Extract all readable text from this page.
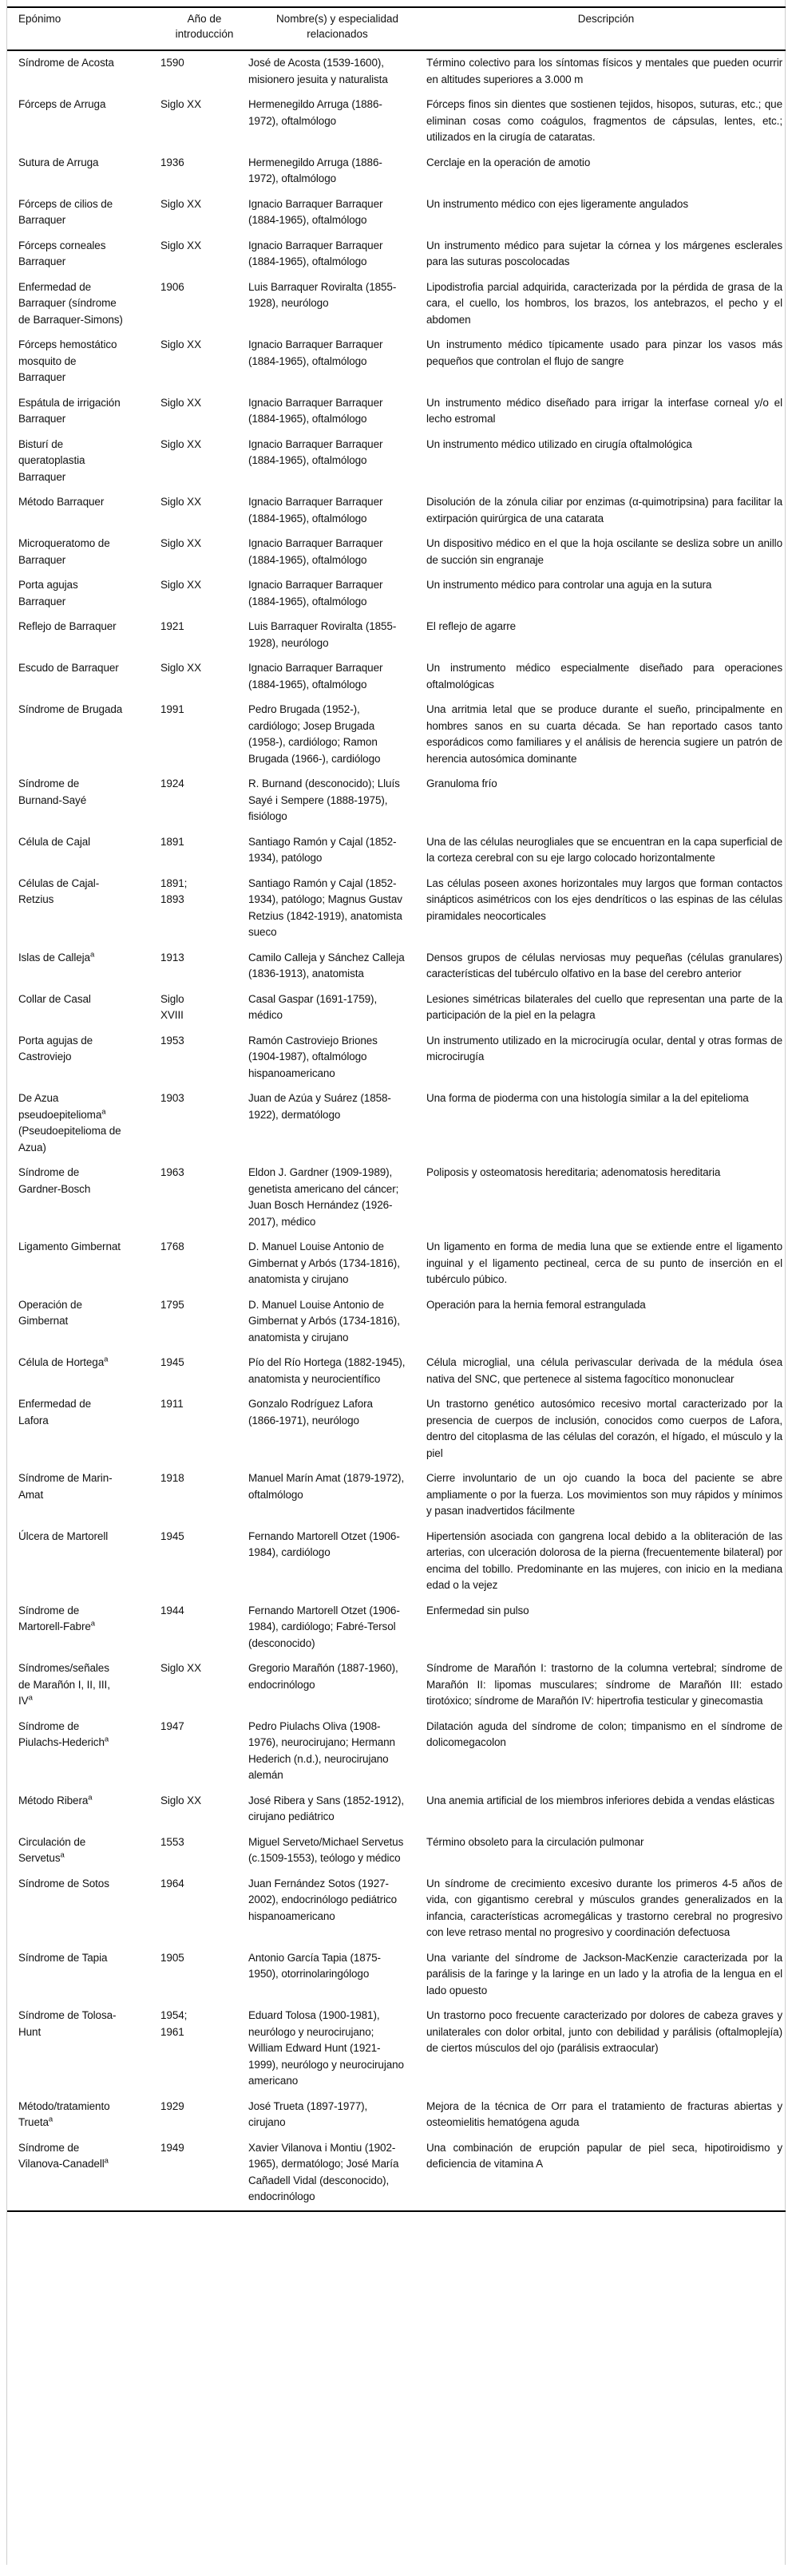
Epónimo	Año de introducción	Nombre(s) y especialidad relacionados	Descripción

Síndrome de Acosta	1590	José de Acosta (1539-1600), misionero jesuita y naturalista	Término colectivo para los síntomas físicos y mentales que pueden ocurrir en altitudes superiores a 3.000 m

Fórceps de Arruga	Siglo XX	Hermenegildo Arruga (1886-1972), oftalmólogo	Fórceps finos sin dientes que sostienen tejidos, hisopos, suturas, etc.; que eliminan cosas como coágulos, fragmentos de cápsulas, lentes, etc.; utilizados en la cirugía de cataratas.

Sutura de Arruga	1936	Hermenegildo Arruga (1886-1972), oftalmólogo	Cerclaje en la operación de amotio

Fórceps de cilios de Barraquer	Siglo XX	Ignacio Barraquer Barraquer (1884-1965), oftalmólogo	Un instrumento médico con ejes ligeramente angulados

Fórceps corneales Barraquer	Siglo XX	Ignacio Barraquer Barraquer (1884-1965), oftalmólogo	Un instrumento médico para sujetar la córnea y los márgenes esclerales para las suturas poscolocadas

Enfermedad de Barraquer (síndrome de Barraquer-Simons)	1906	Luis Barraquer Roviralta (1855-1928), neurólogo	Lipodistrofia parcial adquirida, caracterizada por la pérdida de grasa de la cara, el cuello, los hombros, los brazos, los antebrazos, el pecho y el abdomen

Fórceps hemostático mosquito de Barraquer	Siglo XX	Ignacio Barraquer Barraquer (1884-1965), oftalmólogo	Un instrumento médico típicamente usado para pinzar los vasos más pequeños que controlan el flujo de sangre

Espátula de irrigación Barraquer	Siglo XX	Ignacio Barraquer Barraquer (1884-1965), oftalmólogo	Un instrumento médico diseñado para irrigar la interfase corneal y/o el lecho estromal

Bisturí de queratoplastia Barraquer	Siglo XX	Ignacio Barraquer Barraquer (1884-1965), oftalmólogo	Un instrumento médico utilizado en cirugía oftalmológica

Método Barraquer	Siglo XX	Ignacio Barraquer Barraquer (1884-1965), oftalmólogo	Disolución de la zónula ciliar por enzimas (α-quimotripsina) para facilitar la extirpación quirúrgica de una catarata

Microqueratomo de Barraquer	Siglo XX	Ignacio Barraquer Barraquer (1884-1965), oftalmólogo	Un dispositivo médico en el que la hoja oscilante se desliza sobre un anillo de succión sin engranaje

Porta agujas Barraquer	Siglo XX	Ignacio Barraquer Barraquer (1884-1965), oftalmólogo	Un instrumento médico para controlar una aguja en la sutura

Reflejo de Barraquer	1921	Luis Barraquer Roviralta (1855-1928), neurólogo	El reflejo de agarre

Escudo de Barraquer	Siglo XX	Ignacio Barraquer Barraquer (1884-1965), oftalmólogo	Un instrumento médico especialmente diseñado para operaciones oftalmológicas

Síndrome de Brugada	1991	Pedro Brugada (1952-), cardiólogo; Josep Brugada (1958-), cardiólogo; Ramon Brugada (1966-), cardiólogo	Una arritmia letal que se produce durante el sueño, principalmente en hombres sanos en su cuarta década. Se han reportado casos tanto esporádicos como familiares y el análisis de herencia sugiere un patrón de herencia autosómica dominante

Síndrome de Burnand-Sayé	1924	R. Burnand (desconocido); Lluís Sayé i Sempere (1888-1975), fisiólogo	Granuloma frío

Célula de Cajal	1891	Santiago Ramón y Cajal (1852-1934), patólogo	Una de las células neurogliales que se encuentran en la capa superficial de la corteza cerebral con su eje largo colocado horizontalmente

Células de Cajal-Retzius	1891; 1893	Santiago Ramón y Cajal (1852-1934), patólogo; Magnus Gustav Retzius (1842-1919), anatomista sueco	Las células poseen axones horizontales muy largos que forman contactos sinápticos asimétricos con los ejes dendríticos o las espinas de las células piramidales neocorticales

Islas de Calleja$^a$	1913	Camilo Calleja y Sánchez Calleja (1836-1913), anatomista	Densos grupos de células nerviosas muy pequeñas (células granulares) características del tubérculo olfativo en la base del cerebro anterior

Collar de Casal	Siglo XVIII	Casal Gaspar (1691-1759), médico	Lesiones simétricas bilaterales del cuello que representan una parte de la participación de la piel en la pelagra

Porta agujas de Castroviejo	1953	Ramón Castroviejo Briones (1904-1987), oftalmólogo hispanoamericano	Un instrumento utilizado en la microcirugía ocular, dental y otras formas de microcirugía

De Azua pseudoepitelioma$^a$ (Pseudoepitelioma de Azua)	1903	Juan de Azúa y Suárez (1858-1922), dermatólogo	Una forma de pioderma con una histología similar a la del epitelioma

Síndrome de Gardner-Bosch	1963	Eldon J. Gardner (1909-1989), genetista americano del cáncer; Juan Bosch Hernández (1926-2017), médico	Poliposis y osteomatosis hereditaria; adenomatosis hereditaria

Ligamento Gimbernat	1768	D. Manuel Louise Antonio de Gimbernat y Arbós (1734-1816), anatomista y cirujano	Un ligamento en forma de media luna que se extiende entre el ligamento inguinal y el ligamento pectineal, cerca de su punto de inserción en el tubérculo púbico.

Operación de Gimbernat	1795	D. Manuel Louise Antonio de Gimbernat y Arbós (1734-1816), anatomista y cirujano	Operación para la hernia femoral estrangulada

Célula de Hortega$^a$	1945	Pío del Río Hortega (1882-1945), anatomista y neurocientífico	Célula microglial, una célula perivascular derivada de la médula ósea nativa del SNC, que pertenece al sistema fagocítico mononuclear

Enfermedad de Lafora	1911	Gonzalo Rodríguez Lafora (1866-1971), neurólogo	Un trastorno genético autosómico recesivo mortal caracterizado por la presencia de cuerpos de inclusión, conocidos como cuerpos de Lafora, dentro del citoplasma de las células del corazón, el hígado, el músculo y la piel

Síndrome de Marin-Amat	1918	Manuel Marín Amat (1879-1972), oftalmólogo	Cierre involuntario de un ojo cuando la boca del paciente se abre ampliamente o por la fuerza. Los movimientos son muy rápidos y mínimos y pasan inadvertidos fácilmente

Úlcera de Martorell	1945	Fernando Martorell Otzet (1906-1984), cardiólogo	Hipertensión asociada con gangrena local debido a la obliteración de las arterias, con ulceración dolorosa de la pierna (frecuentemente bilateral) por encima del tobillo. Predominante en las mujeres, con inicio en la mediana edad o la vejez

Síndrome de Martorell-Fabre$^a$	1944	Fernando Martorell Otzet (1906-1984), cardiólogo; Fabré-Tersol (desconocido)	Enfermedad sin pulso

Síndromes/señales de Marañón I, II, III, IV$^a$	Siglo XX	Gregorio Marañón (1887-1960), endocrinólogo	Síndrome de Marañón I: trastorno de la columna vertebral; síndrome de Marañón II: lipomas musculares; síndrome de Marañón III: estado tirotóxico; síndrome de Marañón IV: hipertrofia testicular y ginecomastia

Síndrome de Piulachs-Hederich$^a$	1947	Pedro Piulachs Oliva (1908-1976), neurocirujano; Hermann Hederich (n.d.), neurocirujano alemán	Dilatación aguda del síndrome de colon; timpanismo en el síndrome de dolicomegacolon

Método Ribera$^a$	Siglo XX	José Ribera y Sans (1852-1912), cirujano pediátrico	Una anemia artificial de los miembros inferiores debida a vendas elásticas

Circulación de Servetus$^a$	1553	Miguel Serveto/Michael Servetus (c.1509-1553), teólogo y médico	Término obsoleto para la circulación pulmonar

Síndrome de Sotos	1964	Juan Fernández Sotos (1927-2002), endocrinólogo pediátrico hispanoamericano	Un síndrome de crecimiento excesivo durante los primeros 4-5 años de vida, con gigantismo cerebral y músculos grandes generalizados en la infancia, características acromegálicas y trastorno cerebral no progresivo con leve retraso mental no progresivo y coordinación defectuosa

Síndrome de Tapia	1905	Antonio García Tapia (1875-1950), otorrinolaringólogo	Una variante del síndrome de Jackson-MacKenzie caracterizada por la parálisis de la faringe y la laringe en un lado y la atrofia de la lengua en el lado opuesto

Síndrome de Tolosa-Hunt	1954; 1961	Eduard Tolosa (1900-1981), neurólogo y neurocirujano; William Edward Hunt (1921-1999), neurólogo y neurocirujano americano	Un trastorno poco frecuente caracterizado por dolores de cabeza graves y unilaterales con dolor orbital, junto con debilidad y parálisis (oftalmoplejía) de ciertos músculos del ojo (parálisis extraocular)

Método/tratamiento Trueta$^a$	1929	José Trueta (1897-1977), cirujano	Mejora de la técnica de Orr para el tratamiento de fracturas abiertas y osteomielitis hematógena aguda

Síndrome de Vilanova-Canadell$^a$	1949	Xavier Vilanova i Montiu (1902-1965), dermatólogo; José María Cañadell Vidal (desconocido), endocrinólogo	Una combinación de erupción papular de piel seca, hipotiroidismo y deficiencia de vitamina A
